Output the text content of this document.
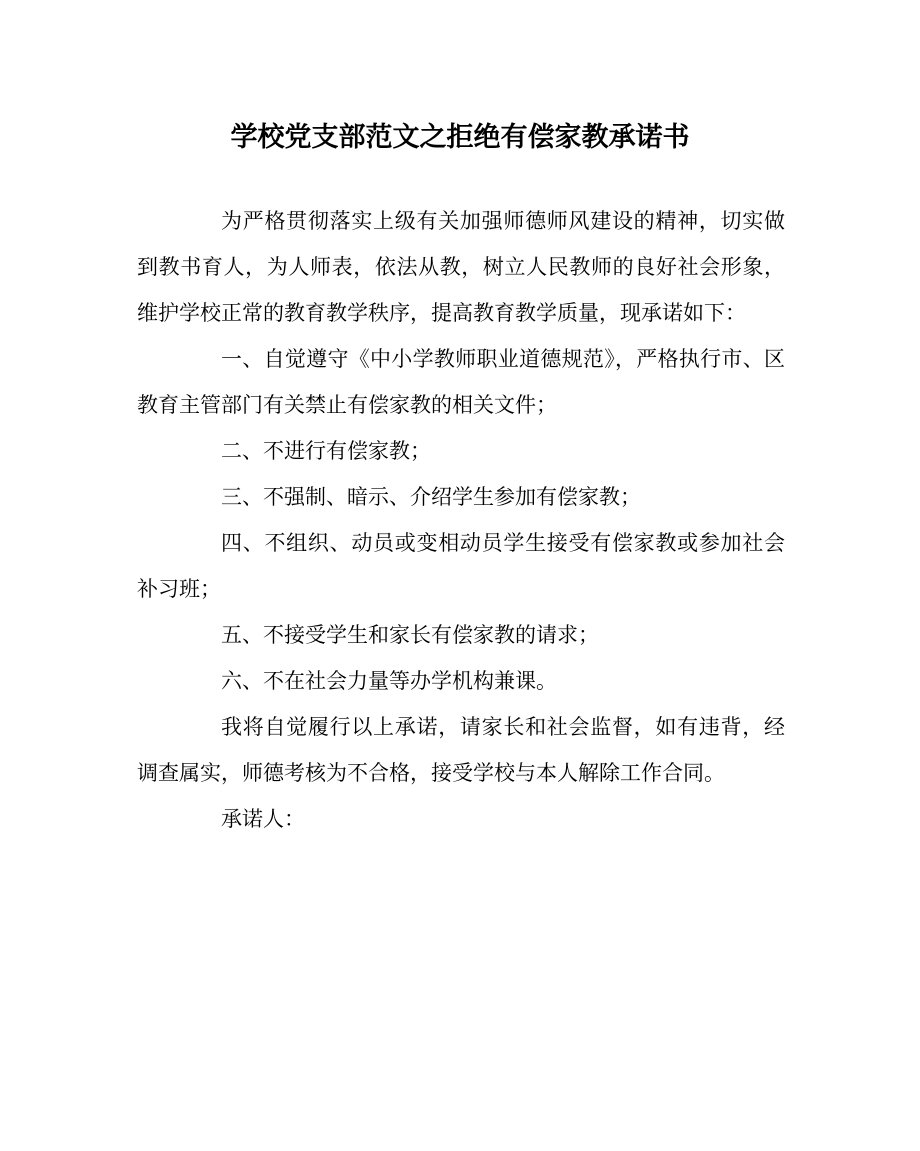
学校党支部范文之拒绝有偿家教承诺书

为严格贯彻落实上级有关加强师德师风建设的精神，切实做到教书育人，为人师表，依法从教，树立人民教师的良好社会形象，维护学校正常的教育教学秩序，提高教育教学质量，现承诺如下：

一、自觉遵守《中小学教师职业道德规范》，严格执行市、区教育主管部门有关禁止有偿家教的相关文件；

二、不进行有偿家教；

三、不强制、暗示、介绍学生参加有偿家教；

四、不组织、动员或变相动员学生接受有偿家教或参加社会补习班；

五、不接受学生和家长有偿家教的请求；

六、不在社会力量等办学机构兼课。

我将自觉履行以上承诺，请家长和社会监督，如有违背，经调查属实，师德考核为不合格，接受学校与本人解除工作合同。

承诺人：
